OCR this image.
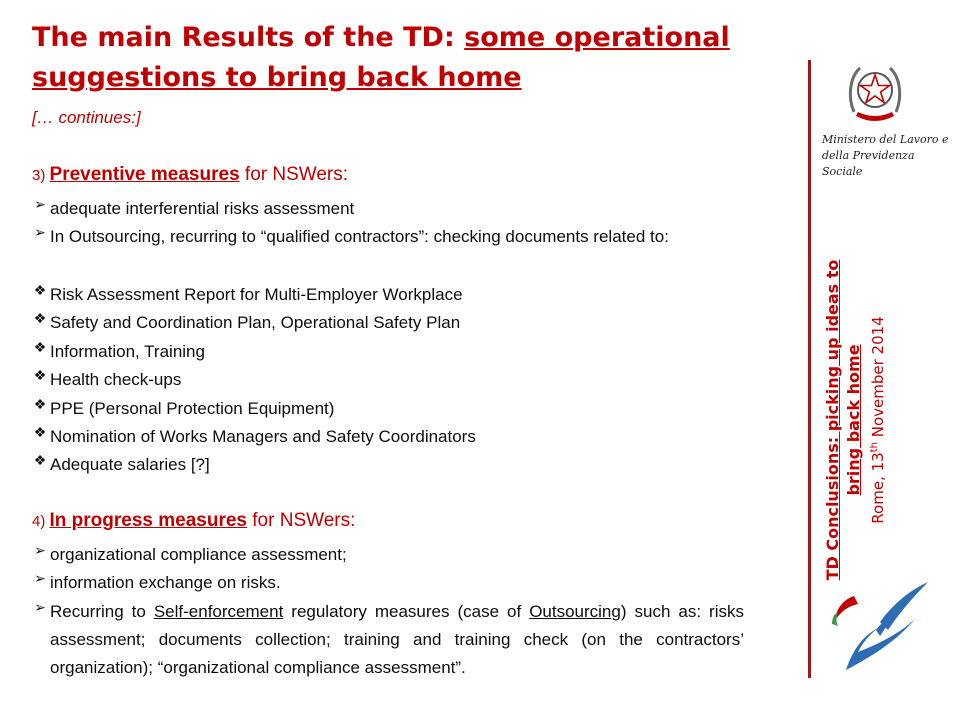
The main Results of the TD: some operational suggestions to bring back home
[… continues:]
3) Preventive measures for NSWers:
➢ adequate interferential risks assessment
➢ In Outsourcing, recurring to “qualified contractors”: checking documents related to:
❖ Risk Assessment Report for Multi-Employer Workplace
❖ Safety and Coordination Plan, Operational Safety Plan
❖ Information, Training
❖ Health check-ups
❖ PPE (Personal Protection Equipment)
❖ Nomination of Works Managers and Safety Coordinators
❖ Adequate salaries [?]
4) In progress measures for NSWers:
➢ organizational compliance assessment;
➢ information exchange on risks.
➢ Recurring to Self-enforcement regulatory measures (case of Outsourcing) such as: risks assessment; documents collection; training and training check (on the contractors’ organization); “organizational compliance assessment”.
Ministero del Lavoro e
della Previdenza Sociale
TD Conclusions: picking up ideas to bring back home Rome, 13th November 2014
